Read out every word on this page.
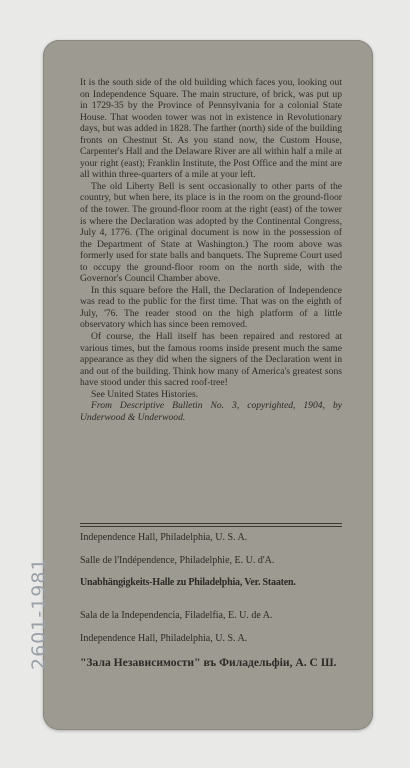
2601-1981

It is the south side of the old building which faces you, looking out on Independence Square. The main structure, of brick, was put up in 1729-35 by the Province of Pennsylvania for a colonial State House. That wooden tower was not in existence in Revolutionary days, but was added in 1828. The farther (north) side of the building fronts on Chestnut St. As you stand now, the Custom House, Carpenter's Hall and the Delaware River are all within half a mile at your right (east); Franklin Institute, the Post Office and the mint are all within three-quarters of a mile at your left.

The old Liberty Bell is sent occasionally to other parts of the country, but when here, its place is in the room on the ground-floor of the tower. The ground-floor room at the right (east) of the tower is where the Declaration was adopted by the Continental Congress, July 4, 1776. (The original document is now in the possession of the Department of State at Washington.) The room above was formerly used for state balls and banquets. The Supreme Court used to occupy the ground-floor room on the north side, with the Governor's Council Chamber above.

In this square before the Hall, the Declaration of Independence was read to the public for the first time. That was on the eighth of July, '76. The reader stood on the high platform of a little observatory which has since been removed.

Of course, the Hall itself has been repaired and restored at various times, but the famous rooms inside present much the same appearance as they did when the signers of the Declaration went in and out of the building. Think how many of America's greatest sons have stood under this sacred roof-tree!

See United States Histories.

From Descriptive Bulletin No. 3, copyrighted, 1904, by Underwood & Underwood.

Independence Hall, Philadelphia, U. S. A.
Salle de l'Indépendence, Philadelphie, E. U. d'A.
Unabhängigkeits-Halle zu Philadelphia, Ver. Staaten.
Sala de la Independencia, Filadelfia, E. U. de A.
Independence Hall, Philadelphia, U. S. A.
"Зала Независимости" въ Филадельфiи, А. С Ш.
